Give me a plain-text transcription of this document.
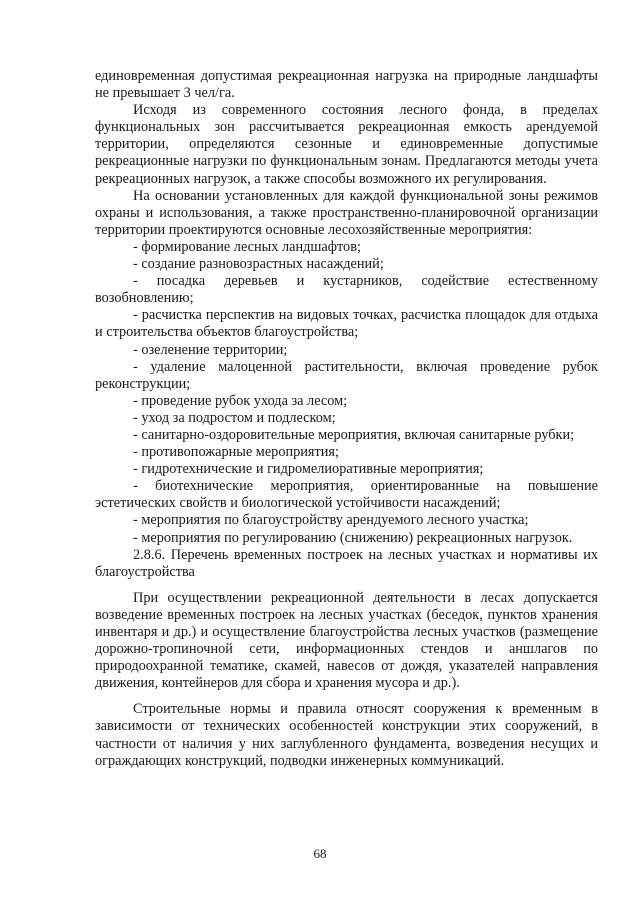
единовременная допустимая рекреационная нагрузка на природные ландшафты не превышает 3 чел/га.

Исходя из современного состояния лесного фонда, в пределах функциональных зон рассчитывается рекреационная емкость арендуемой территории, определяются сезонные и единовременные допустимые рекреационные нагрузки по функциональным зонам. Предлагаются методы учета рекреационных нагрузок, а также способы возможного их регулирования.

На основании установленных для каждой функциональной зоны режимов охраны и использования, а также пространственно-планировочной организации территории проектируются основные лесохозяйственные мероприятия:

- формирование лесных ландшафтов;

- создание разновозрастных насаждений;

- посадка деревьев и кустарников, содействие естественному возобновлению;

- расчистка перспектив на видовых точках, расчистка площадок для отдыха и строительства объектов благоустройства;

- озеленение территории;

- удаление малоценной растительности, включая проведение рубок реконструкции;

- проведение рубок ухода за лесом;

- уход за подростом и подлеском;

- санитарно-оздоровительные мероприятия, включая санитарные рубки;

- противопожарные мероприятия;

- гидротехнические и гидромелиоративные мероприятия;

- биотехнические мероприятия, ориентированные на повышение эстетических свойств и биологической устойчивости насаждений;

- мероприятия по благоустройству арендуемого лесного участка;

- мероприятия по регулированию (снижению) рекреационных нагрузок.

2.8.6. Перечень временных построек на лесных участках и нормативы их благоустройства

При осуществлении рекреационной деятельности в лесах допускается возведение временных построек на лесных участках (беседок, пунктов хранения инвентаря и др.) и осуществление благоустройства лесных участков (размещение дорожно-тропиночной сети, информационных стендов и аншлагов по природоохранной тематике, скамей, навесов от дождя, указателей направления движения, контейнеров для сбора и хранения мусора и др.).

Строительные нормы и правила относят сооружения к временным в зависимости от технических особенностей конструкции этих сооружений, в частности от наличия у них заглубленного фундамента, возведения несущих и ограждающих конструкций, подводки инженерных коммуникаций.

68
